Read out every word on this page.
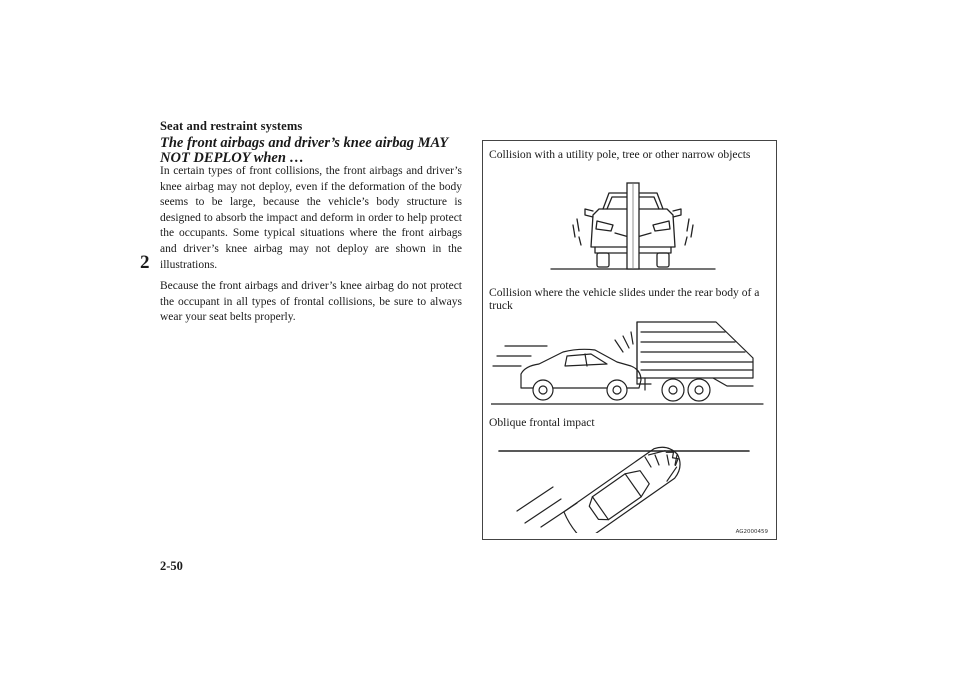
Seat and restraint systems
2
2-50
The front airbags and driver’s knee airbag MAY NOT DEPLOY when …

In certain types of front collisions, the front airbags and driver’s knee airbag may not deploy, even if the deformation of the body seems to be large, because the vehicle’s body structure is designed to absorb the impact and deform in order to help protect the occupants. Some typical situations where the front airbags and driver’s knee airbag may not deploy are shown in the illustrations.

Because the front airbags and driver’s knee airbag do not protect the occupant in all types of frontal collisions, be sure to always wear your seat belts properly.

Collision with a utility pole, tree or other narrow objects
Collision where the vehicle slides under the rear body of a truck
Oblique frontal impact
AG2000459
